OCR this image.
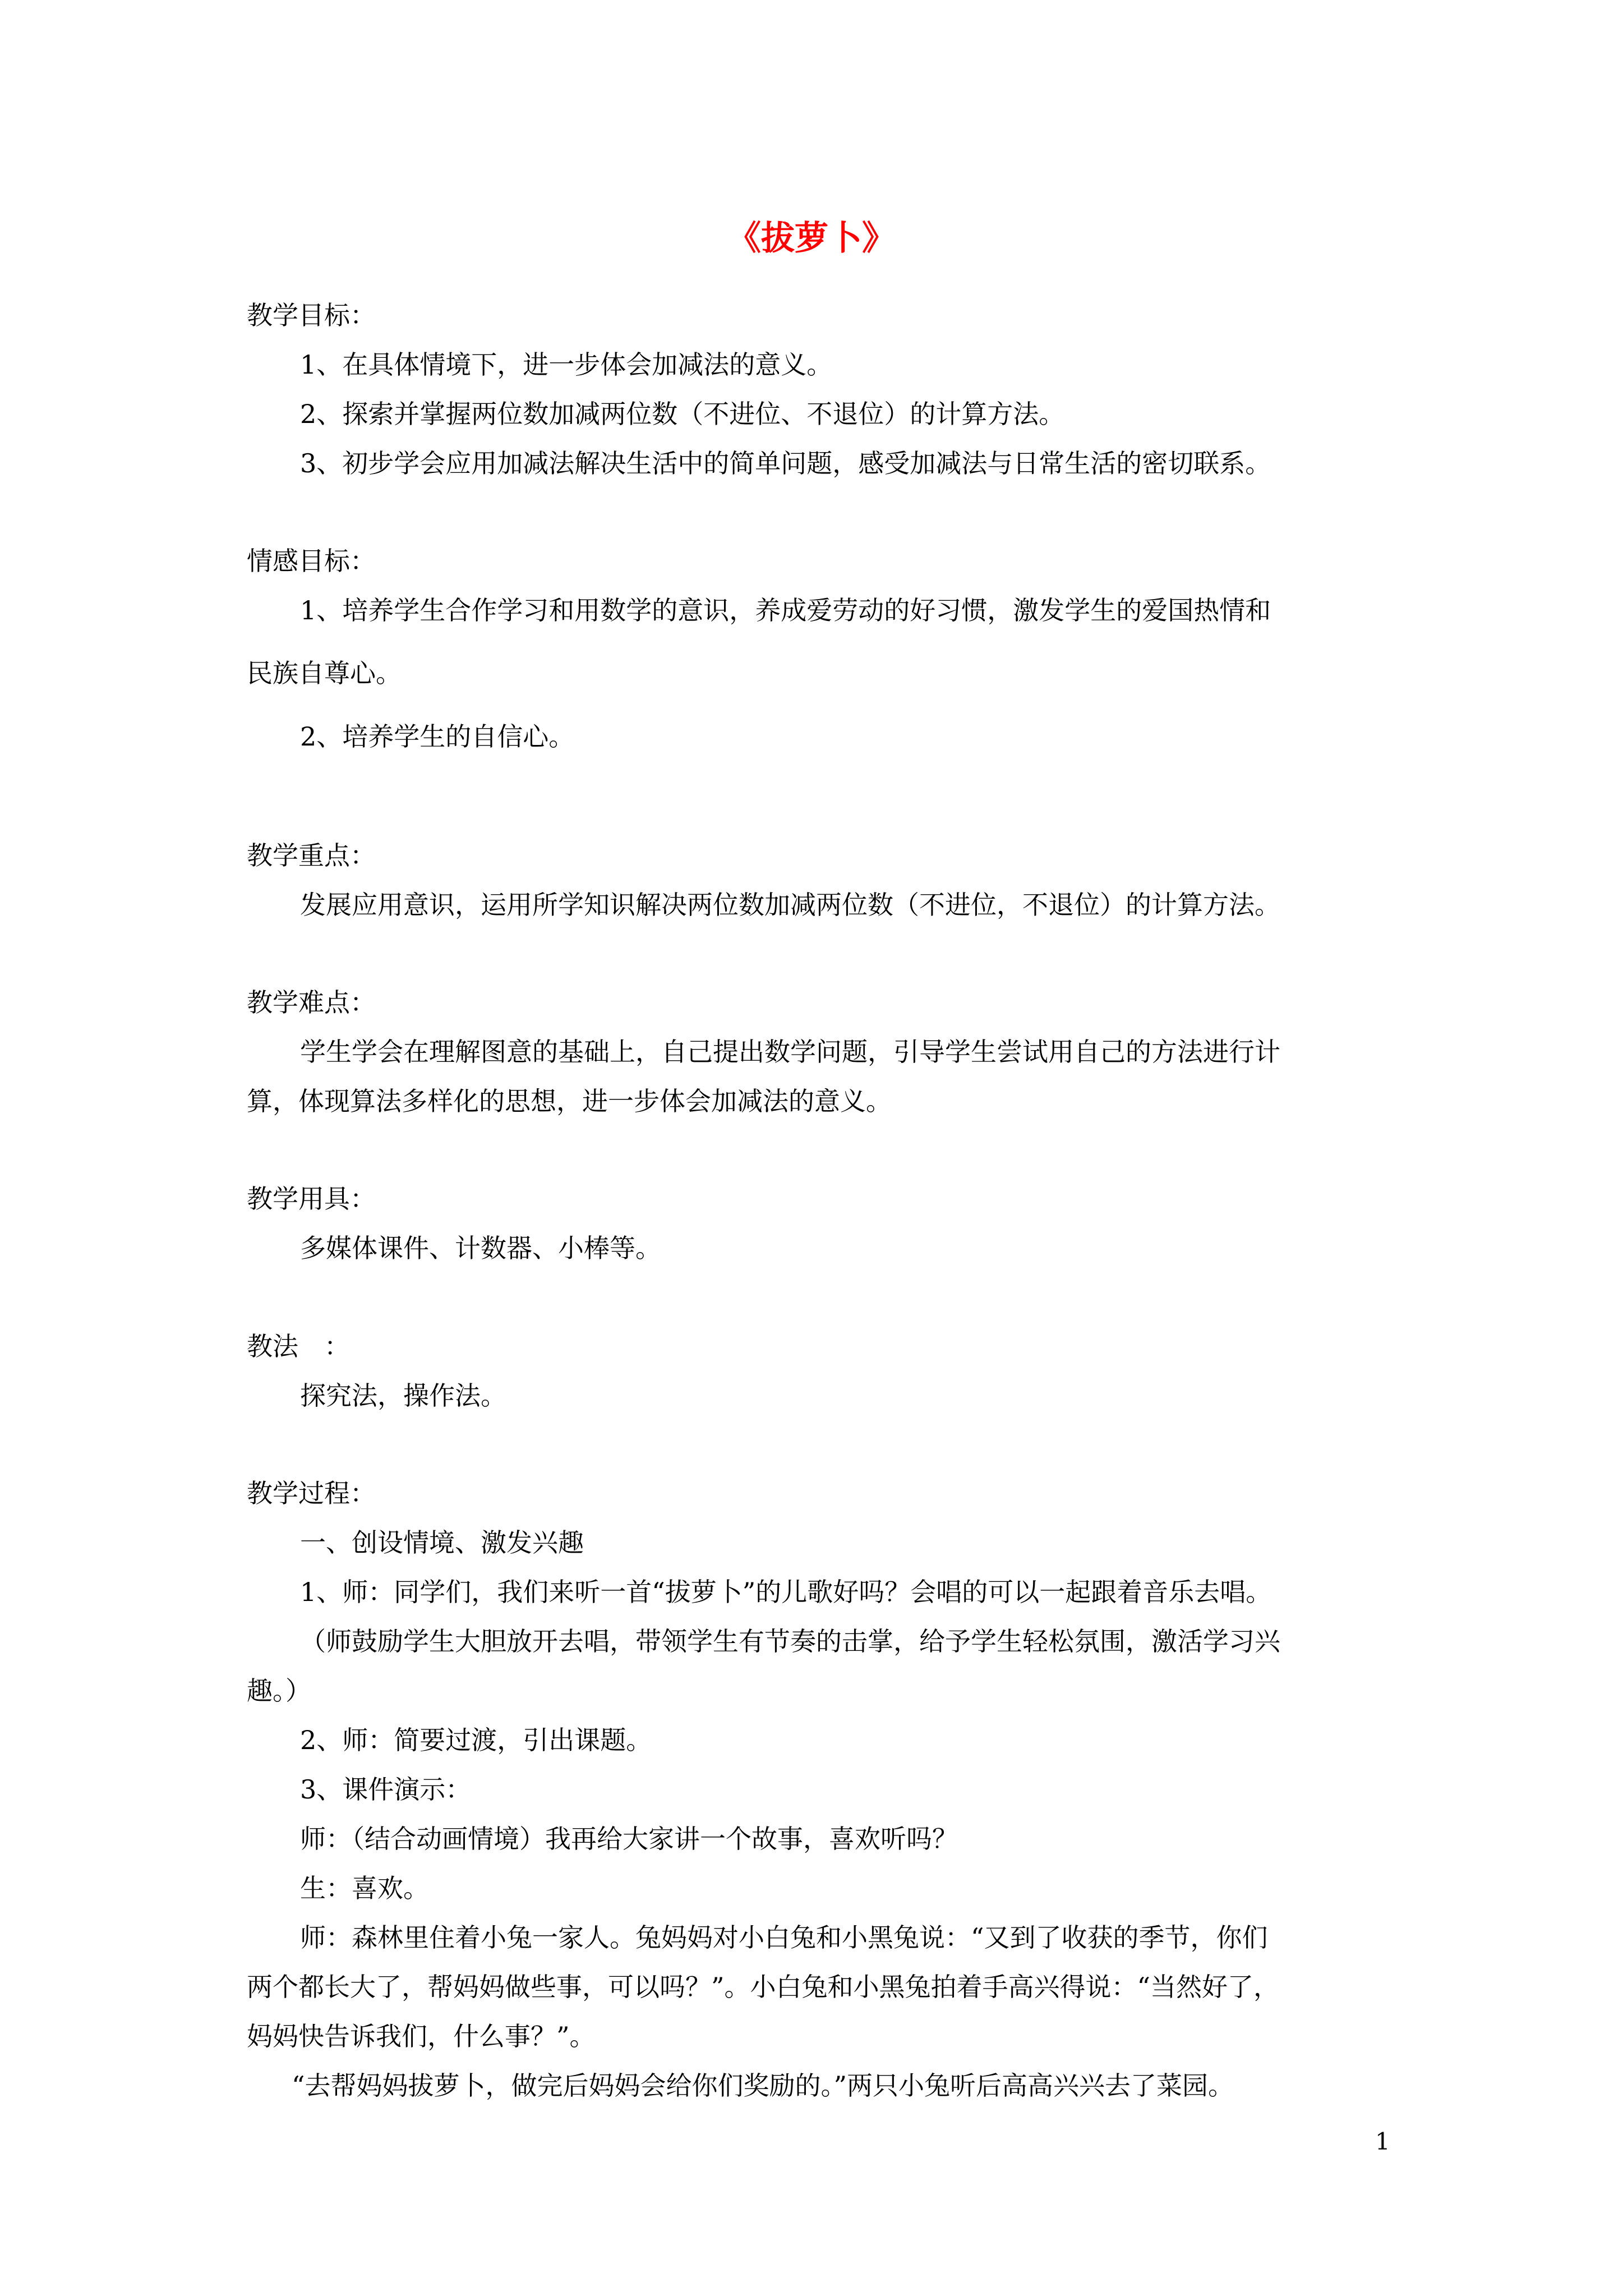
《拔萝卜》
教学目标：
1、在具体情境下，进一步体会加减法的意义。
2、探索并掌握两位数加减两位数（不进位、不退位）的计算方法。
3、初步学会应用加减法解决生活中的简单问题，感受加减法与日常生活的密切联系。
情感目标：
1、培养学生合作学习和用数学的意识，养成爱劳动的好习惯，激发学生的爱国热情和
民族自尊心。
2、培养学生的自信心。
教学重点：
发展应用意识，运用所学知识解决两位数加减两位数（不进位，不退位）的计算方法。
教学难点：
学生学会在理解图意的基础上，自己提出数学问题，引导学生尝试用自己的方法进行计
算，体现算法多样化的思想，进一步体会加减法的意义。
教学用具：
多媒体课件、计数器、小棒等。
教法　：
探究法，操作法。
教学过程：
一、创设情境、激发兴趣
1、师：同学们，我们来听一首“拔萝卜”的儿歌好吗？会唱的可以一起跟着音乐去唱。
（师鼓励学生大胆放开去唱，带领学生有节奏的击掌，给予学生轻松氛围，激活学习兴
趣。）
2、师：简要过渡，引出课题。
3、课件演示：
师：（结合动画情境）我再给大家讲一个故事，喜欢听吗？
生：喜欢。
师：森林里住着小兔一家人。兔妈妈对小白兔和小黑兔说：“又到了收获的季节，你们
两个都长大了，帮妈妈做些事，可以吗？”。小白兔和小黑兔拍着手高兴得说：“当然好了，
妈妈快告诉我们，什么事？”。
“去帮妈妈拔萝卜，做完后妈妈会给你们奖励的。”两只小兔听后高高兴兴去了菜园。
1
